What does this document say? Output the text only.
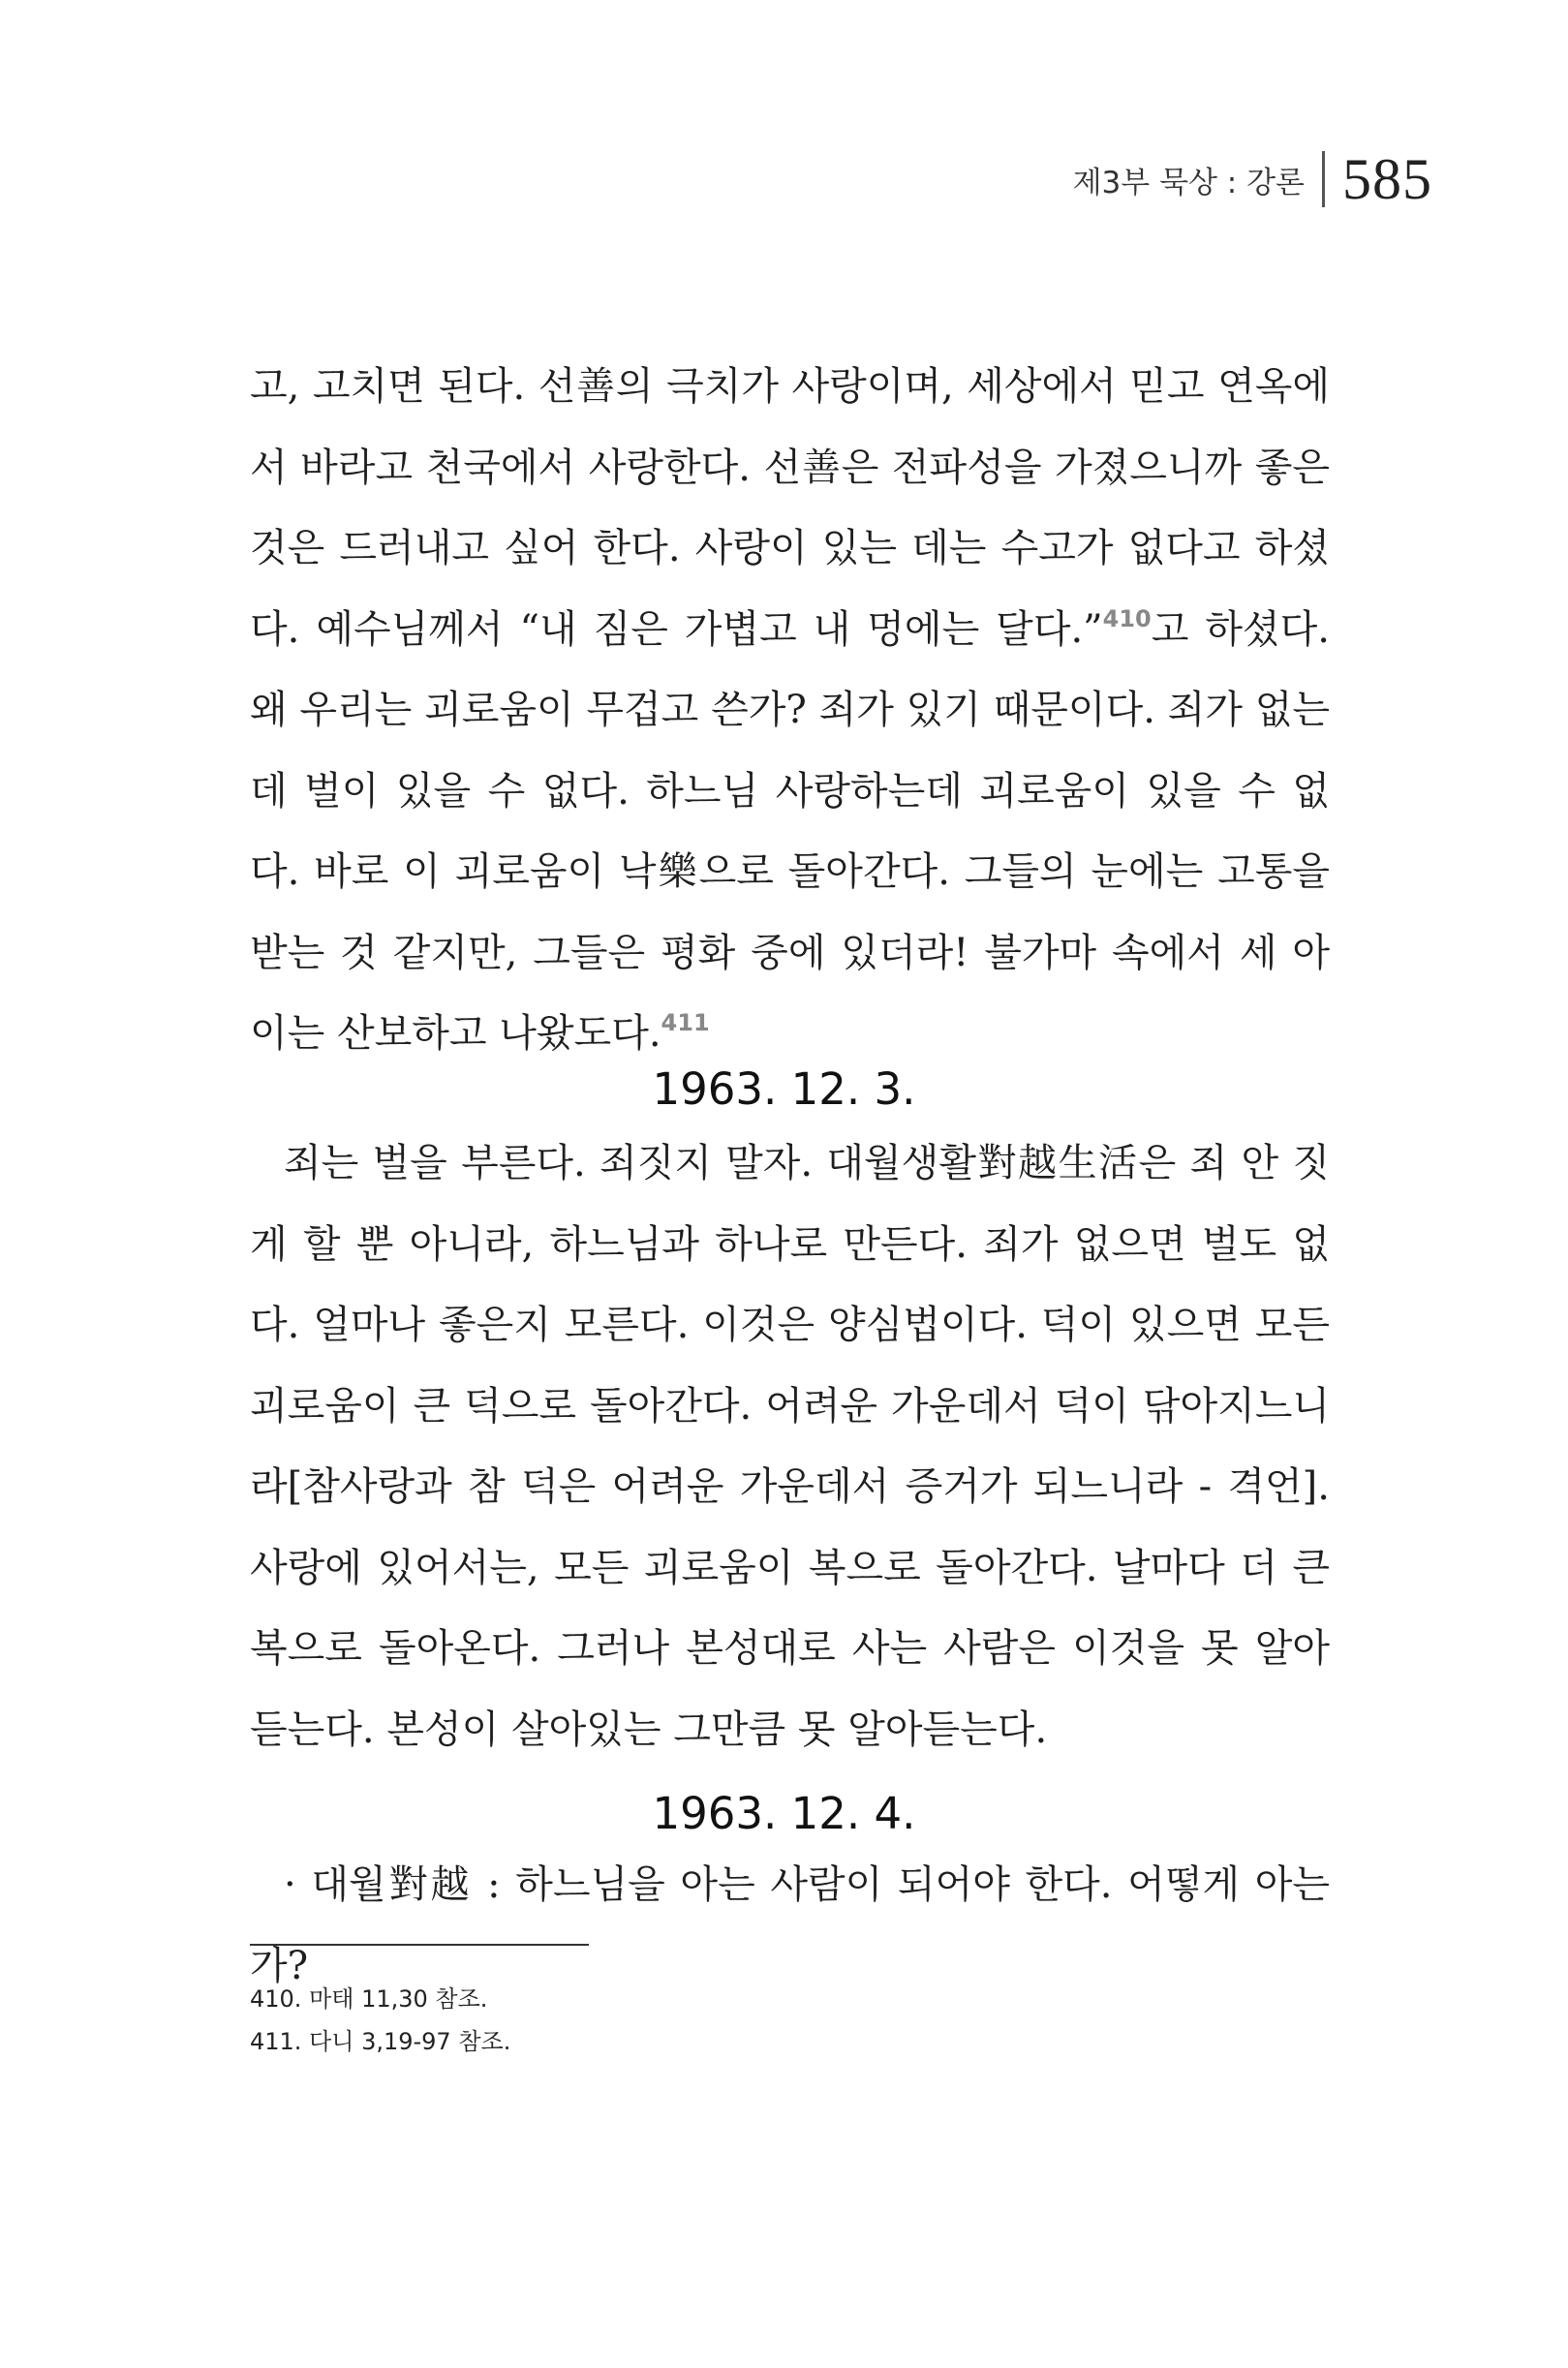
제3부 묵상 : 강론 585
고, 고치면 된다. 선善의 극치가 사랑이며, 세상에서 믿고 연옥에서 바라고 천국에서 사랑한다. 선善은 전파성을 가졌으니까 좋은 것은 드러내고 싶어 한다. 사랑이 있는 데는 수고가 없다고 하셨다. 예수님께서 “내 짐은 가볍고 내 멍에는 달다.”$^{410}$고 하셨다. 왜 우리는 괴로움이 무겁고 쓴가? 죄가 있기 때문이다. 죄가 없는데 벌이 있을 수 없다. 하느님 사랑하는데 괴로움이 있을 수 없다. 바로 이 괴로움이 낙樂으로 돌아간다. 그들의 눈에는 고통을 받는 것 같지만, 그들은 평화 중에 있더라! 불가마 속에서 세 아이는 산보하고 나왔도다.$^{411}$
1963. 12. 3.
죄는 벌을 부른다. 죄짓지 말자. 대월생활對越生活은 죄 안 짓게 할 뿐 아니라, 하느님과 하나로 만든다. 죄가 없으면 벌도 없다. 얼마나 좋은지 모른다. 이것은 양심법이다. 덕이 있으면 모든 괴로움이 큰 덕으로 돌아간다. 어려운 가운데서 덕이 닦아지느니라[참사랑과 참 덕은 어려운 가운데서 증거가 되느니라 - 격언]. 사랑에 있어서는, 모든 괴로움이 복으로 돌아간다. 날마다 더 큰 복으로 돌아온다. 그러나 본성대로 사는 사람은 이것을 못 알아듣는다. 본성이 살아있는 그만큼 못 알아듣는다.
1963. 12. 4.
· 대월對越 : 하느님을 아는 사람이 되어야 한다. 어떻게 아는가?
410. 마태 11,30 참조.
411. 다니 3,19-97 참조.
